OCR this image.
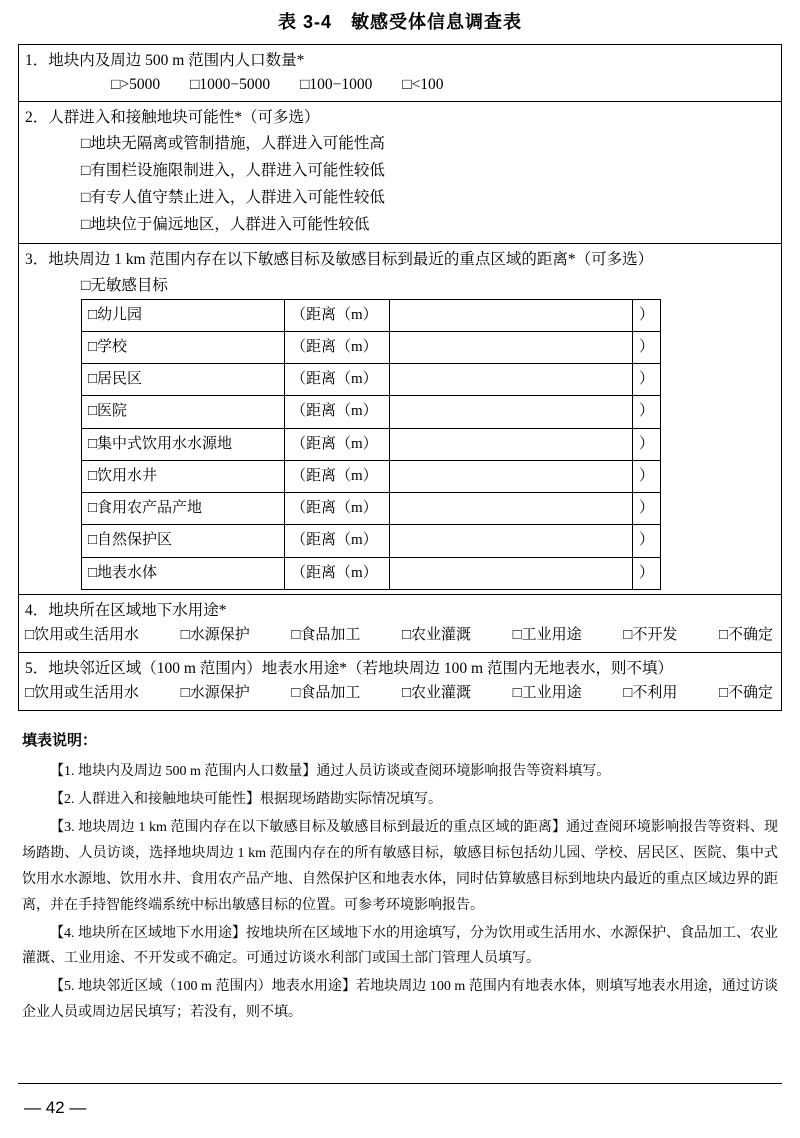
表 3-4　敏感受体信息调查表
1．地块内及周边 500 m 范围内人口数量*
□>5000 □1000−5000 □100−1000 □<100

2．人群进入和接触地块可能性*（可多选）
□地块无隔离或管制措施，人群进入可能性高
□有围栏设施限制进入，人群进入可能性较低
□有专人值守禁止进入，人群进入可能性较低
□地块位于偏远地区，人群进入可能性较低

3．地块周边 1 km 范围内存在以下敏感目标及敏感目标到最近的重点区域的距离*（可多选）
□无敏感目标
□幼儿园	（距离（m）		）
□学校	（距离（m）		）
□居民区	（距离（m）		）
□医院	（距离（m）		）
□集中式饮用水水源地	（距离（m）		）
□饮用水井	（距离（m）		）
□食用农产品产地	（距离（m）		）
□自然保护区	（距离（m）		）
□地表水体	（距离（m）		）

4．地块所在区域地下水用途*
□饮用或生活用水	□水源保护	□食品加工	□农业灌溉	□工业用途	□不开发	□不确定

5．地块邻近区域（100 m 范围内）地表水用途*（若地块周边 100 m 范围内无地表水，则不填）
□饮用或生活用水	□水源保护	□食品加工	□农业灌溉	□工业用途	□不利用	□不确定
填表说明：

【1. 地块内及周边 500 m 范围内人口数量】通过人员访谈或查阅环境影响报告等资料填写。

【2. 人群进入和接触地块可能性】根据现场踏勘实际情况填写。

【3. 地块周边 1 km 范围内存在以下敏感目标及敏感目标到最近的重点区域的距离】通过查阅环境影响报告等资料、现场踏勘、人员访谈，选择地块周边 1 km 范围内存在的所有敏感目标，敏感目标包括幼儿园、学校、居民区、医院、集中式饮用水水源地、饮用水井、食用农产品产地、自然保护区和地表水体，同时估算敏感目标到地块内最近的重点区域边界的距离，并在手持智能终端系统中标出敏感目标的位置。可参考环境影响报告。

【4. 地块所在区域地下水用途】按地块所在区域地下水的用途填写，分为饮用或生活用水、水源保护、食品加工、农业灌溉、工业用途、不开发或不确定。可通过访谈水利部门或国土部门管理人员填写。

【5. 地块邻近区域（100 m 范围内）地表水用途】若地块周边 100 m 范围内有地表水体，则填写地表水用途，通过访谈企业人员或周边居民填写；若没有，则不填。

— 42 —
